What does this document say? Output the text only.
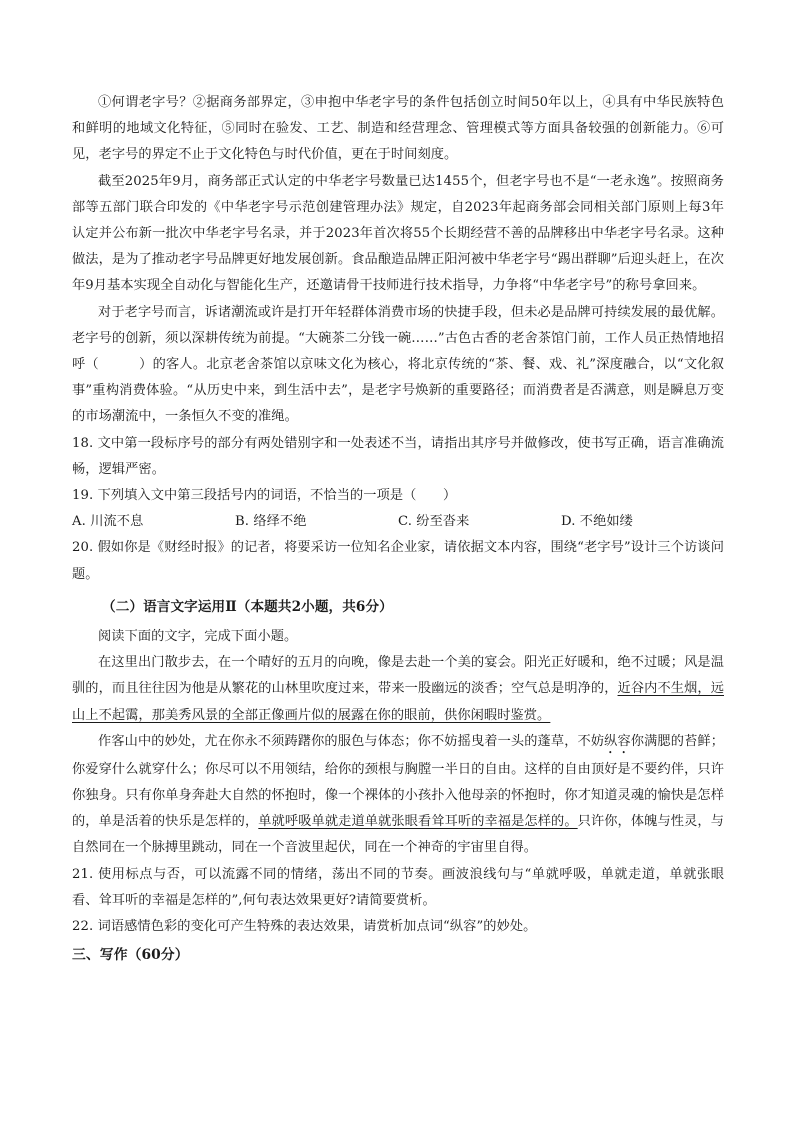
①何谓老字号？②据商务部界定，③申抱中华老字号的条件包括创立时间50年以上，④具有中华民族特色和鲜明的地域文化特征，⑤同时在验发、工艺、制造和经营理念、管理模式等方面具备较强的创新能力。⑥可见，老字号的界定不止于文化特色与时代价值，更在于时间刻度。

截至2025年9月，商务部正式认定的中华老字号数量已达1455个，但老字号也不是“一老永逸”。按照商务部等五部门联合印发的《中华老字号示范创建管理办法》规定，自2023年起商务部会同相关部门原则上每3年认定并公布新一批次中华老字号名录，并于2023年首次将55个长期经营不善的品牌移出中华老字号名录。这种做法，是为了推动老字号品牌更好地发展创新。食品酿造品牌正阳河被中华老字号“踢出群聊”后迎头赶上，在次年9月基本实现全自动化与智能化生产，还邀请骨干技师进行技术指导，力争将“中华老字号”的称号拿回来。

对于老字号而言，诉诸潮流或许是打开年轻群体消费市场的快捷手段，但未必是品牌可持续发展的最优解。老字号的创新，须以深耕传统为前提。“大碗茶二分钱一碗……”古色古香的老舍茶馆门前，工作人员正热情地招呼（　　　）的客人。北京老舍茶馆以京味文化为核心，将北京传统的“茶、餐、戏、礼”深度融合，以“文化叙事”重构消费体验。“从历史中来，到生活中去”，是老字号焕新的重要路径；而消费者是否满意，则是瞬息万变的市场潮流中，一条恒久不变的准绳。

18. 文中第一段标序号的部分有两处错别字和一处表述不当，请指出其序号并做修改，使书写正确，语言准确流畅，逻辑严密。

19. 下列填入文中第三段括号内的词语，不恰当的一项是（　　）

A. 川流不息	B. 络绎不绝	C. 纷至沓来	D. 不绝如缕

20. 假如你是《财经时报》的记者，将要采访一位知名企业家，请依据文本内容，围绕“老字号”设计三个访谈问题。

（二）语言文字运用Ⅱ（本题共2小题，共6分）

阅读下面的文字，完成下面小题。

在这里出门散步去，在一个晴好的五月的向晚，像是去赴一个美的宴会。阳光正好暖和，绝不过暖；风是温驯的，而且往往因为他是从繁花的山林里吹度过来，带来一股幽远的淡香；空气总是明净的，近谷内不生烟，远山上不起霭，那美秀风景的全部正像画片似的展露在你的眼前，供你闲暇时鉴赏。

作客山中的妙处，尤在你永不须踌躇你的服色与体态；你不妨摇曳着一头的蓬草，不妨纵容你满腮的苔鲜；你爱穿什么就穿什么；你尽可以不用领结，给你的颈根与胸膛一半日的自由。这样的自由顶好是不要约伴，只许你独身。只有你单身奔赴大自然的怀抱时，像一个裸体的小孩扑入他母亲的怀抱时，你才知道灵魂的愉快是怎样的，单是活着的快乐是怎样的，单就呼吸单就走道单就张眼看耸耳听的幸福是怎样的。只许你，体魄与性灵，与自然同在一个脉搏里跳动，同在一个音波里起伏，同在一个神奇的宇宙里自得。

21. 使用标点与否，可以流露不同的情绪，荡出不同的节奏。画波浪线句与“单就呼吸，单就走道，单就张眼看、耸耳听的幸福是怎样的”,何句表达效果更好?请简要赏析。

22. 词语感情色彩的变化可产生特殊的表达效果，请赏析加点词“纵容”的妙处。

三、写作（60分）
